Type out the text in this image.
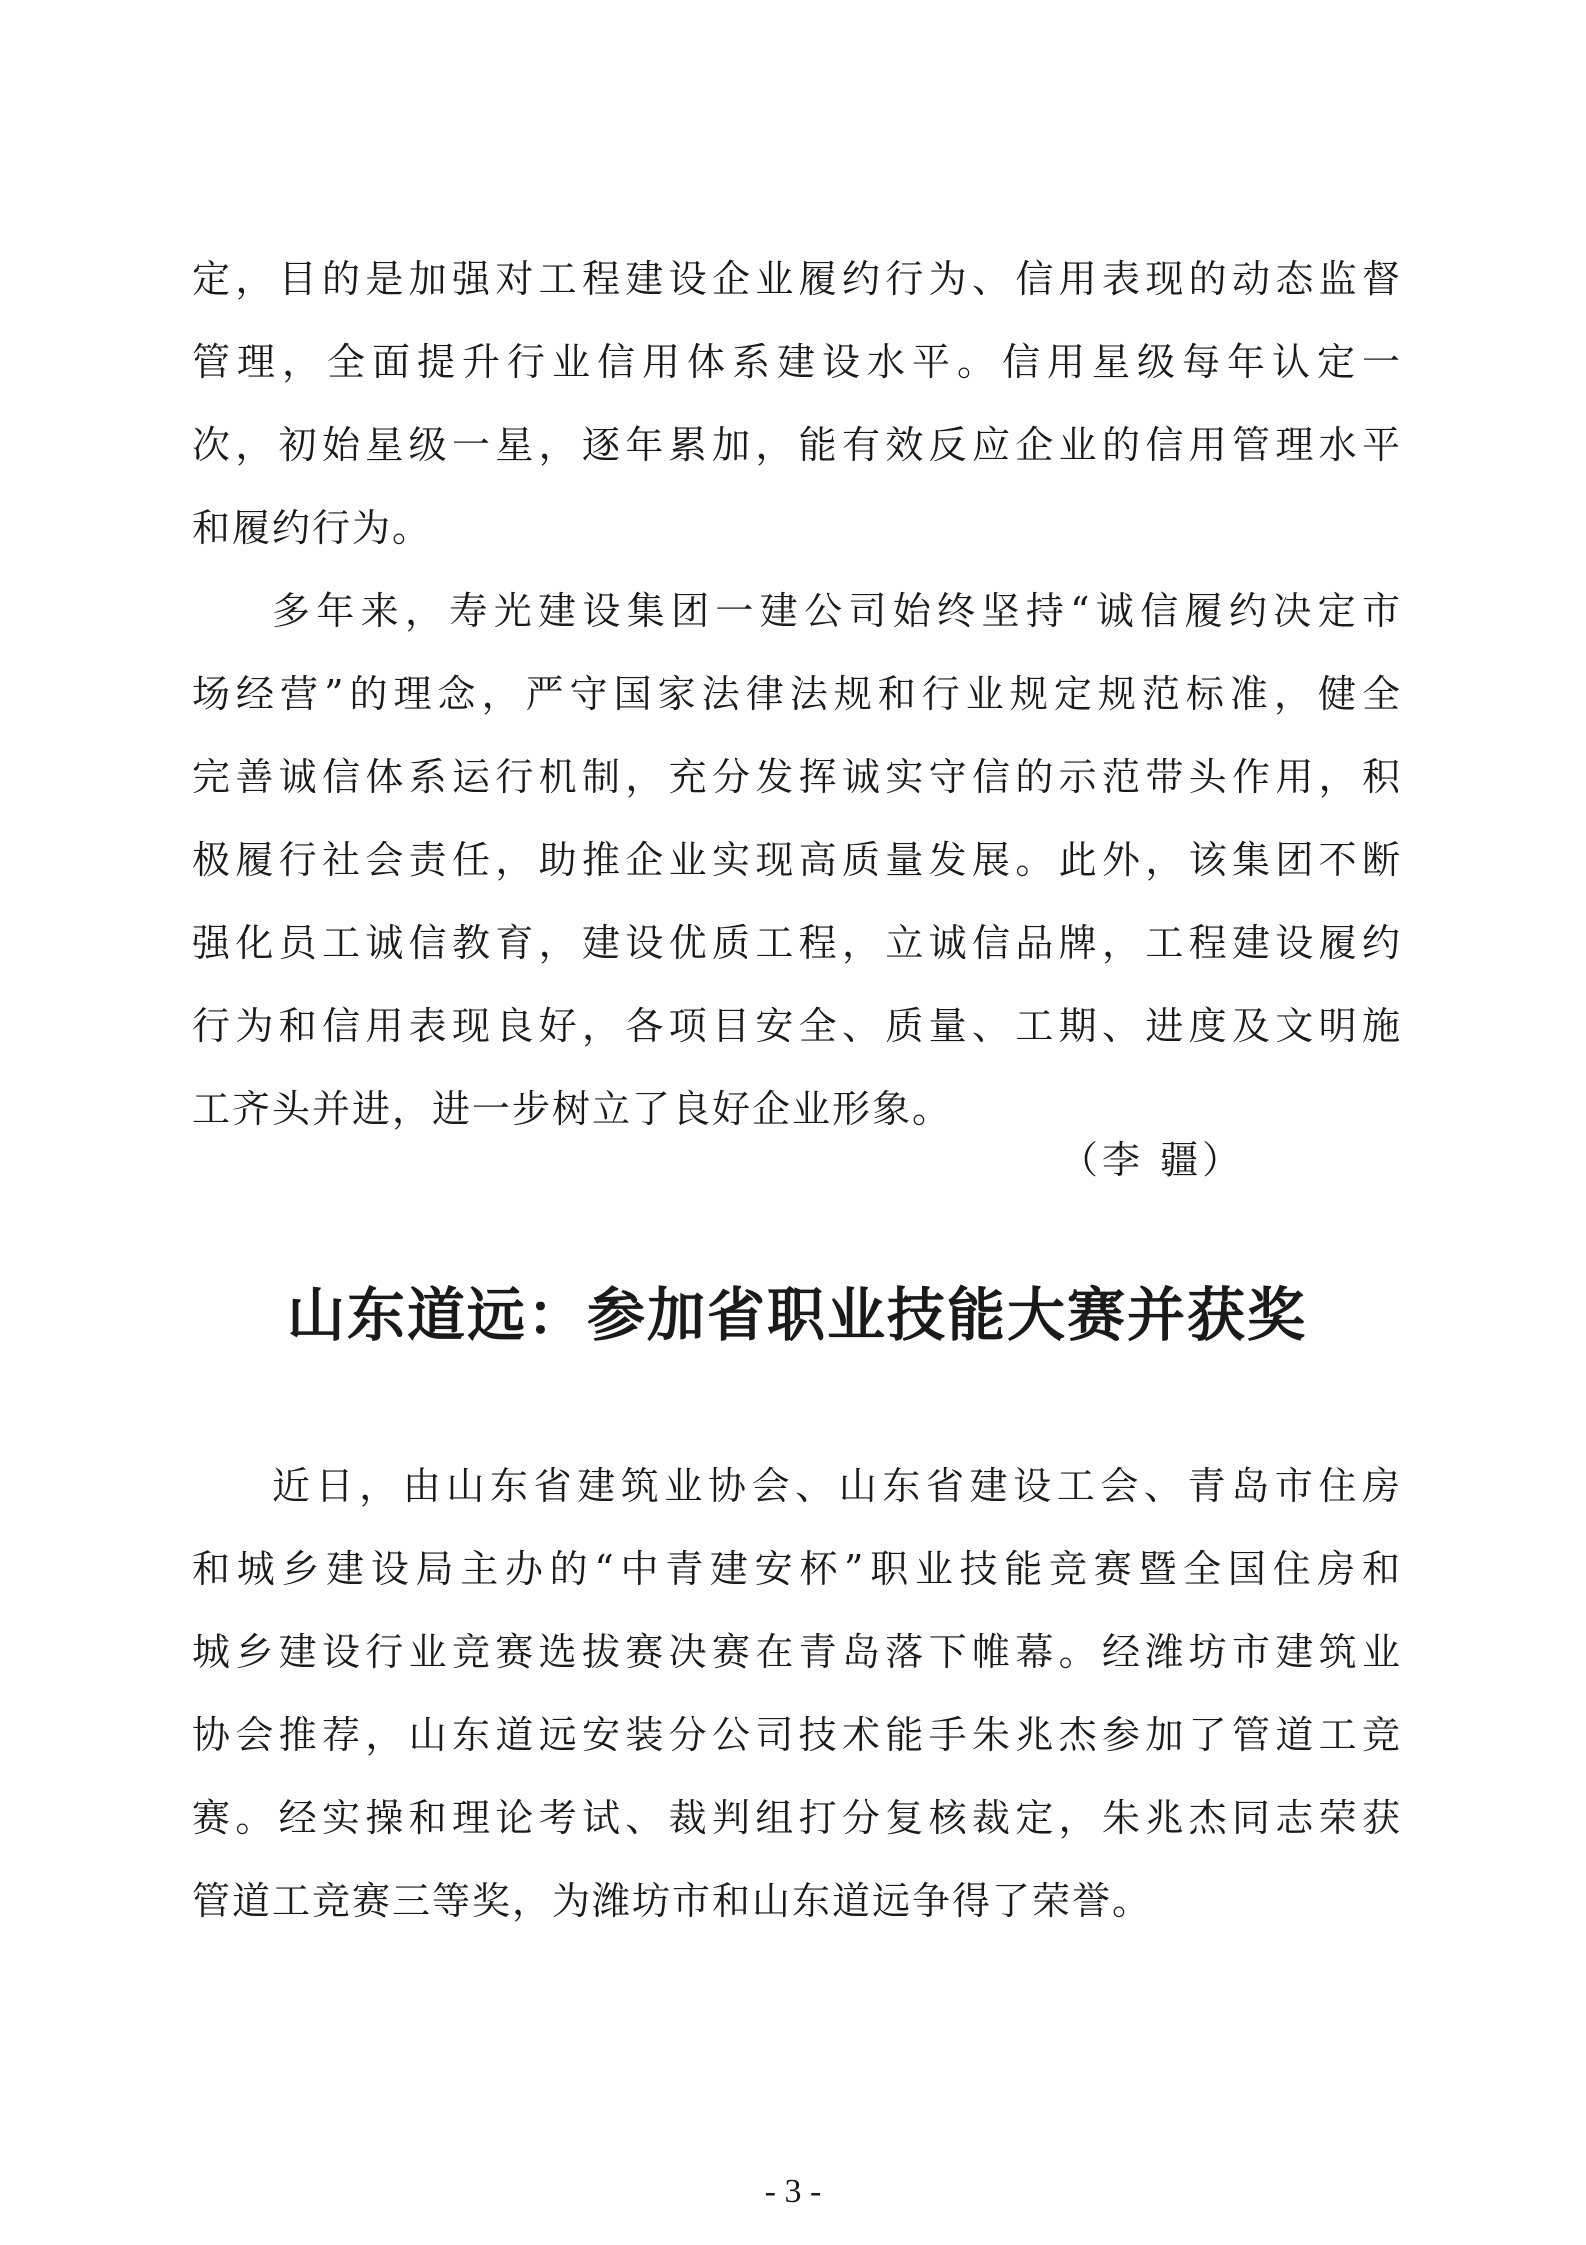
定，目的是加强对工程建设企业履约行为、信用表现的动态监督
管理，全面提升行业信用体系建设水平。信用星级每年认定一
次，初始星级一星，逐年累加，能有效反应企业的信用管理水平
和履约行为。
多年来，寿光建设集团一建公司始终坚持“诚信履约决定市
场经营”的理念，严守国家法律法规和行业规定规范标准，健全
完善诚信体系运行机制，充分发挥诚实守信的示范带头作用，积
极履行社会责任，助推企业实现高质量发展。此外，该集团不断
强化员工诚信教育，建设优质工程，立诚信品牌，工程建设履约
行为和信用表现良好，各项目安全、质量、工期、进度及文明施
工齐头并进，进一步树立了良好企业形象。
（李 疆）
山东道远：参加省职业技能大赛并获奖
近日，由山东省建筑业协会、山东省建设工会、青岛市住房
和城乡建设局主办的“中青建安杯”职业技能竞赛暨全国住房和
城乡建设行业竞赛选拔赛决赛在青岛落下帷幕。经潍坊市建筑业
协会推荐，山东道远安装分公司技术能手朱兆杰参加了管道工竞
赛。经实操和理论考试、裁判组打分复核裁定，朱兆杰同志荣获
管道工竞赛三等奖，为潍坊市和山东道远争得了荣誉。
- 3 -
